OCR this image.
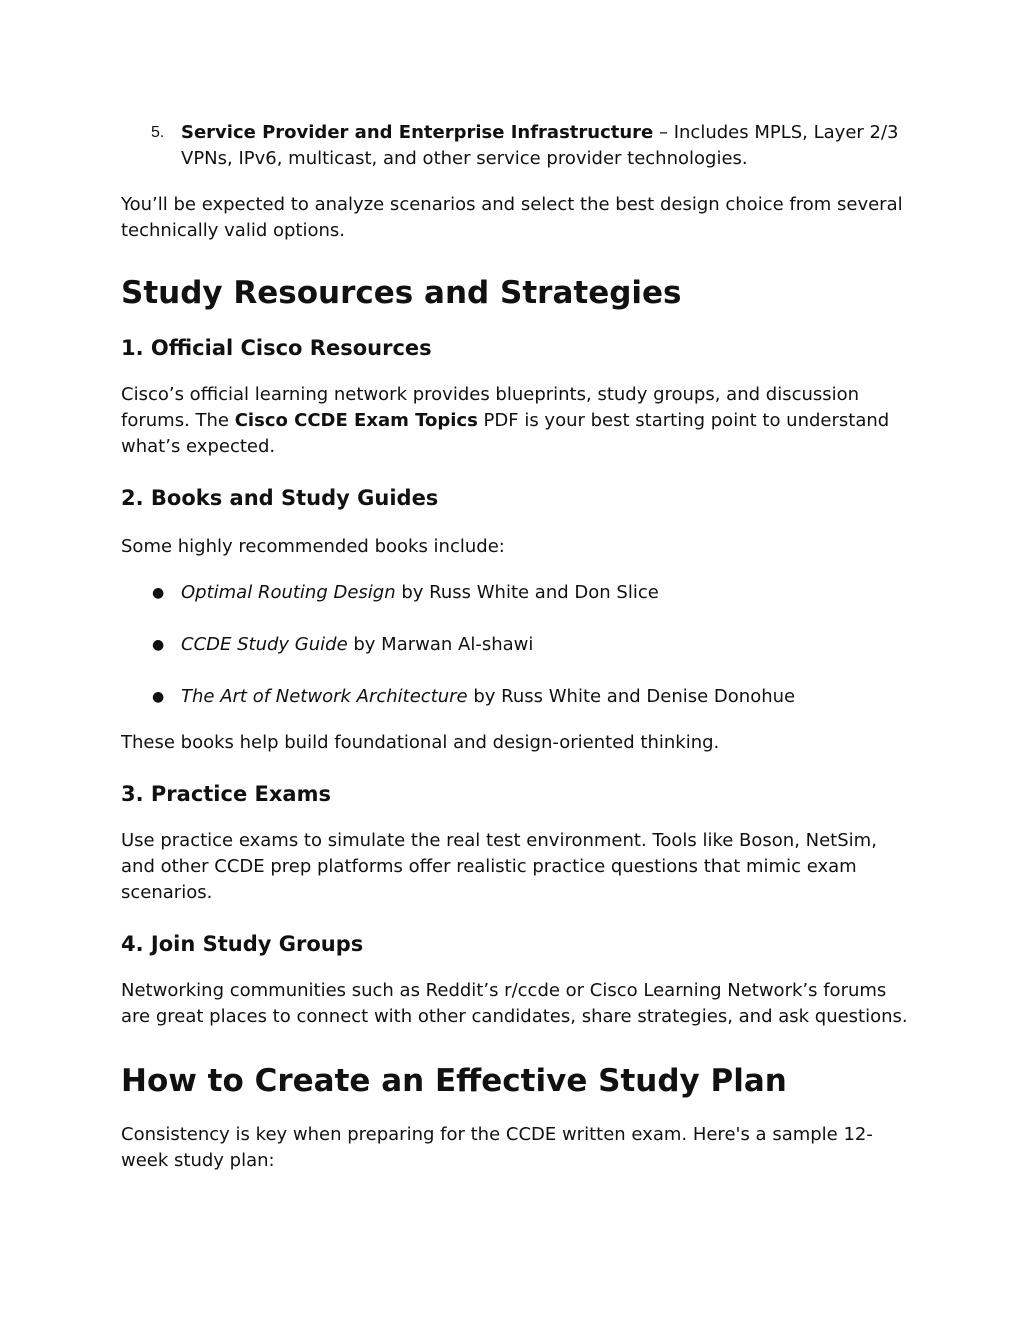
5. Service Provider and Enterprise Infrastructure – Includes MPLS, Layer 2/3 VPNs, IPv6, multicast, and other service provider technologies.

You’ll be expected to analyze scenarios and select the best design choice from several technically valid options.

Study Resources and Strategies
1. Official Cisco Resources

Cisco’s official learning network provides blueprints, study groups, and discussion forums. The Cisco CCDE Exam Topics PDF is your best starting point to understand what’s expected.

2. Books and Study Guides

Some highly recommended books include:

● Optimal Routing Design by Russ White and Don Slice
● CCDE Study Guide by Marwan Al-shawi
● The Art of Network Architecture by Russ White and Denise Donohue

These books help build foundational and design-oriented thinking.

3. Practice Exams

Use practice exams to simulate the real test environment. Tools like Boson, NetSim, and other CCDE prep platforms offer realistic practice questions that mimic exam scenarios.

4. Join Study Groups

Networking communities such as Reddit’s r/ccde or Cisco Learning Network’s forums are great places to connect with other candidates, share strategies, and ask questions.

How to Create an Effective Study Plan

Consistency is key when preparing for the CCDE written exam. Here's a sample 12-week study plan:
